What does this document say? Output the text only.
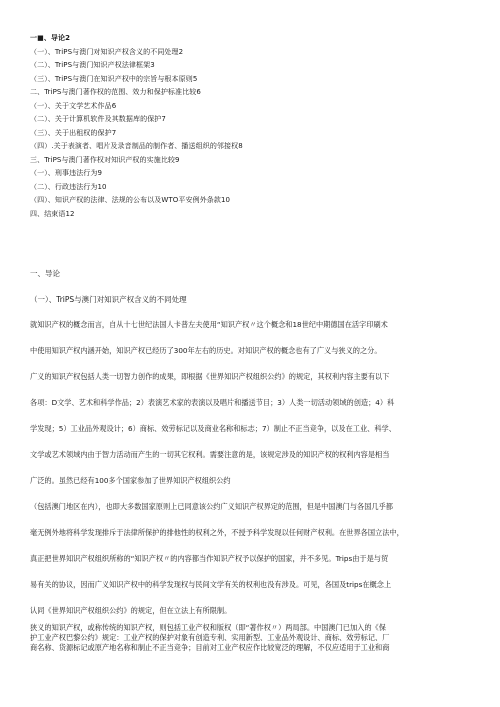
一■、导论2
（一）、TriPS与澳门对知识产权含义的不同处理2
（二）、TriPS与澳门知识产权法律框架3
（三）、TriPS与澳门在知识产权中的宗旨与根本原则5
二、TriPS与澳门著作权的范围、效力和保护标准比较6
（一）、关于文学艺术作品6
（二）、关于计算机软件及其数据库的保护7
（三）、关于出租权的保护7
（四）.关于表演者、唱片及录音制品的制作者、播送组织的邻接权8
三、TriPS与澳门著作权对知识产权的实施比较9
（一）、刑事违法行为9
（二）、行政违法行为10
（四）、知识产权的法律、法规的公布以及WTO平安例外条款10
四、结束语12
一、导论
（一）、TriPS与澳门对知识产权含义的不同处理
就知识产权的概念而言，自从十七世纪法国人卡普左夫使用“知识产权〃这个概念和18世纪中期德国在活字印刷术
中使用知识产权内涵开始，知识产权已经历了300年左右的历史。对知识产权的概念也有了广义与狭义的之分。
广义的知识产权包括人类一切智力创作的成果，即根据《世界知识产权组织公约》的规定，其权利内容主要有以下
各项：D文学、艺术和科学作品；2）表演艺术家的表演以及唱片和播送节目；3）人类一切活动领域的创造；4）科
学发现；5）工业品外观设计；6）商标、效劳标记以及商业名称和标志；7）制止不正当竞争，以及在工业、科学、
文学或艺术领域内由于智力活动而产生的一切其它权利。需要注意的是，该规定涉及的知识产权的权利内容是相当
广泛的。虽然已经有100多个国家参加了世界知识产权组织公约
（包括澳门地区在内），也即大多数国家原则上已同意该公约广义知识产权界定的范围，但是中国澳门与各国几乎都
毫无例外地将科学发现排斥于法律所保护的排他性的权利之外，不授予科学发现以任何财产权利。在世界各国立法中，
真正把世界知识产权组织所称的“知识产权〃的内容都当作知识产权予以保护的国家，并不多见。Trips由于是与贸
易有关的协议，因而广义知识产权中的科学发现权与民间文学有关的权利也没有涉及。可见，各国及trips在概念上
认同《世界知识产权组织公约》的规定，但在立法上有所限制。
狭义的知识产权，或称传统的知识产权，则包括工业产权和版权（即“著作权〃）两局部。中国澳门已加入的《保
护工业产权巴黎公约》规定：工业产权的保护对象有创造专利、实用新型、工业品外观设计、商标、效劳标记、厂
商名称、货源标记或原产地名称和制止不正当竞争；目前对工业产权应作比较宽泛的理解，不仅应适用于工业和商
